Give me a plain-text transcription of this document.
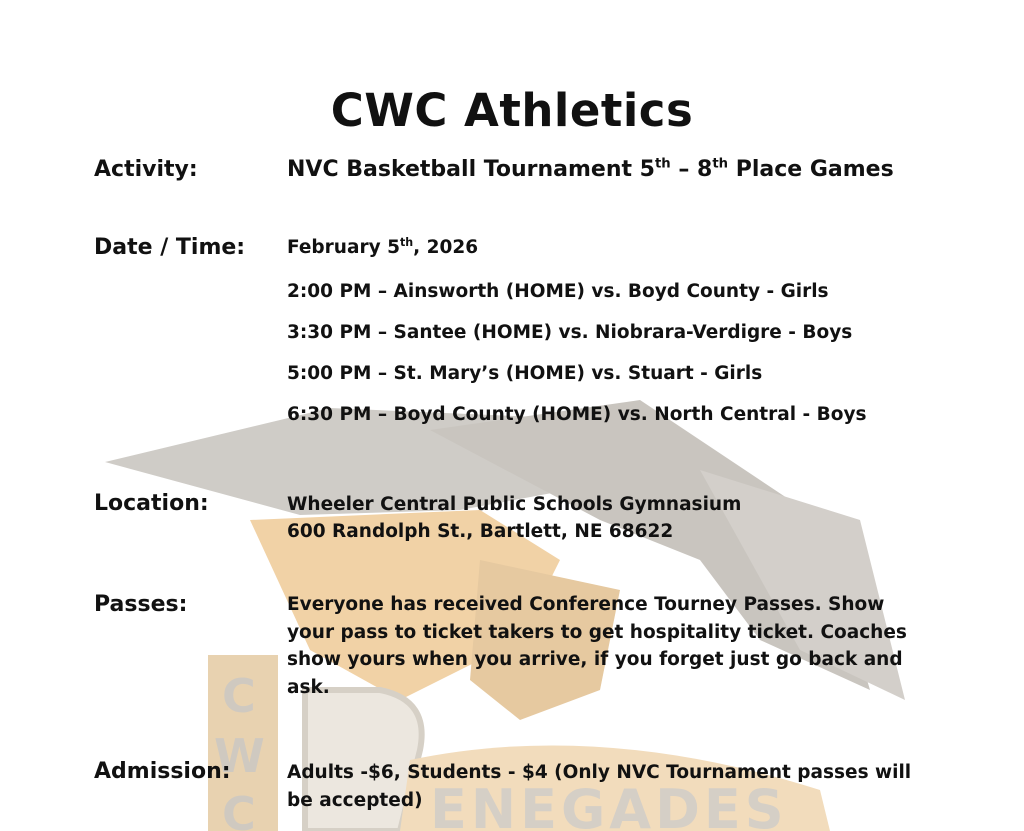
C
W
C	ENEGADES
CWC Athletics
Activity:	NVC Basketball Tournament 5th – 8th Place Games
Date / Time: February 5th, 2026
2:00 PM – Ainsworth (HOME) vs. Boyd County - Girls
3:30 PM – Santee (HOME) vs. Niobrara-Verdigre - Boys
5:00 PM – St. Mary’s (HOME) vs. Stuart - Girls
6:30 PM – Boyd County (HOME) vs. North Central - Boys
Location:	Wheeler Central Public Schools Gymnasium
600 Randolph St., Bartlett, NE 68622
Passes:	Everyone has received Conference Tourney Passes. Show your pass to ticket takers to get hospitality ticket. Coaches show yours when you arrive, if you forget just go back and ask.
Admission:	Adults -$6, Students - $4 (Only NVC Tournament passes will be accepted)
